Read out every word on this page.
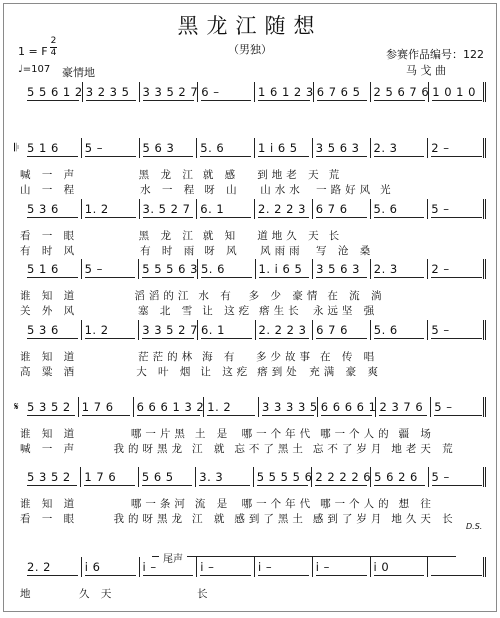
黑龙江随想
（男独）	参赛作品编号：122
马 戈 曲
1 = F
2
4
♩=107 豪情地
5 5 6 1 2 3 2 3 5	3 3 5 2 7 6 –	1 6 1 2 3 6 7 6 5	2 5 6 7 6 1 0 1 0
𝄆 5 1 6	5 –	5 6 3	5. 6	1 i 6 5	3 5 6 3	2. 3	2 –
喊 一 声	黑 龙 江 就 感	到地老 天 荒
山 一 程	水 一 程 呀 山	山水水	一路好风 光
5 3 6	1. 2	3. 5 2 7 6. 1	2. 2 2 3 6 7 6	5. 6	5 –
看 一 眼	黑 龙 江 就 知	道地久 天 长
有 时 风	有 时 雨 呀 风	风雨雨	写 沧 桑
5 1 6	5 –	5 5 5 6 3 5. 6	1. i 6 5	3 5 6 3	2. 3	2 –
谁 知 道	滔滔的江 水 有	多 少 豪情 在 流 淌
关 外 风	塞 北 雪 让 这疙 瘩生长 永远坚 强
5 3 6	1. 2	3 3 5 2 7 6. 1	2. 2 2 3 6 7 6	5. 6	5 –
谁 知 道	茫茫的林 海 有	多少故事 在 传 唱
高 粱 酒	大 叶 烟 让 这疙 瘩到处 充满 豪 爽
𝄋 5 3 5 2 1 7 6	6 6 6 1 3 2 1. 2	3 3 3 3 5 6 6 6 6 1 2 3 7 6 5 –
谁 知 道	哪一片黑 土 是 哪一个年代 哪一个人的 疆 场
喊 一 声	我的呀黑龙 江 就 忘不了黑土 忘不了岁月 地老天 荒
5 3 5 2	1 7 6	5 6 5	3. 3	5 5 5 5 6 2 2 2 2 6 5 6 2 6	5 –
谁 知 道	哪一条河 流 是 哪一个年代 哪一个人的 想 往
看 一 眼	我的呀黑龙 江 就 感到了黑土 感到了岁月 地久天 长
2. 2	i 6	i –	i –	i –	i –	i 0
地	久 天	长
D.S.
尾声
